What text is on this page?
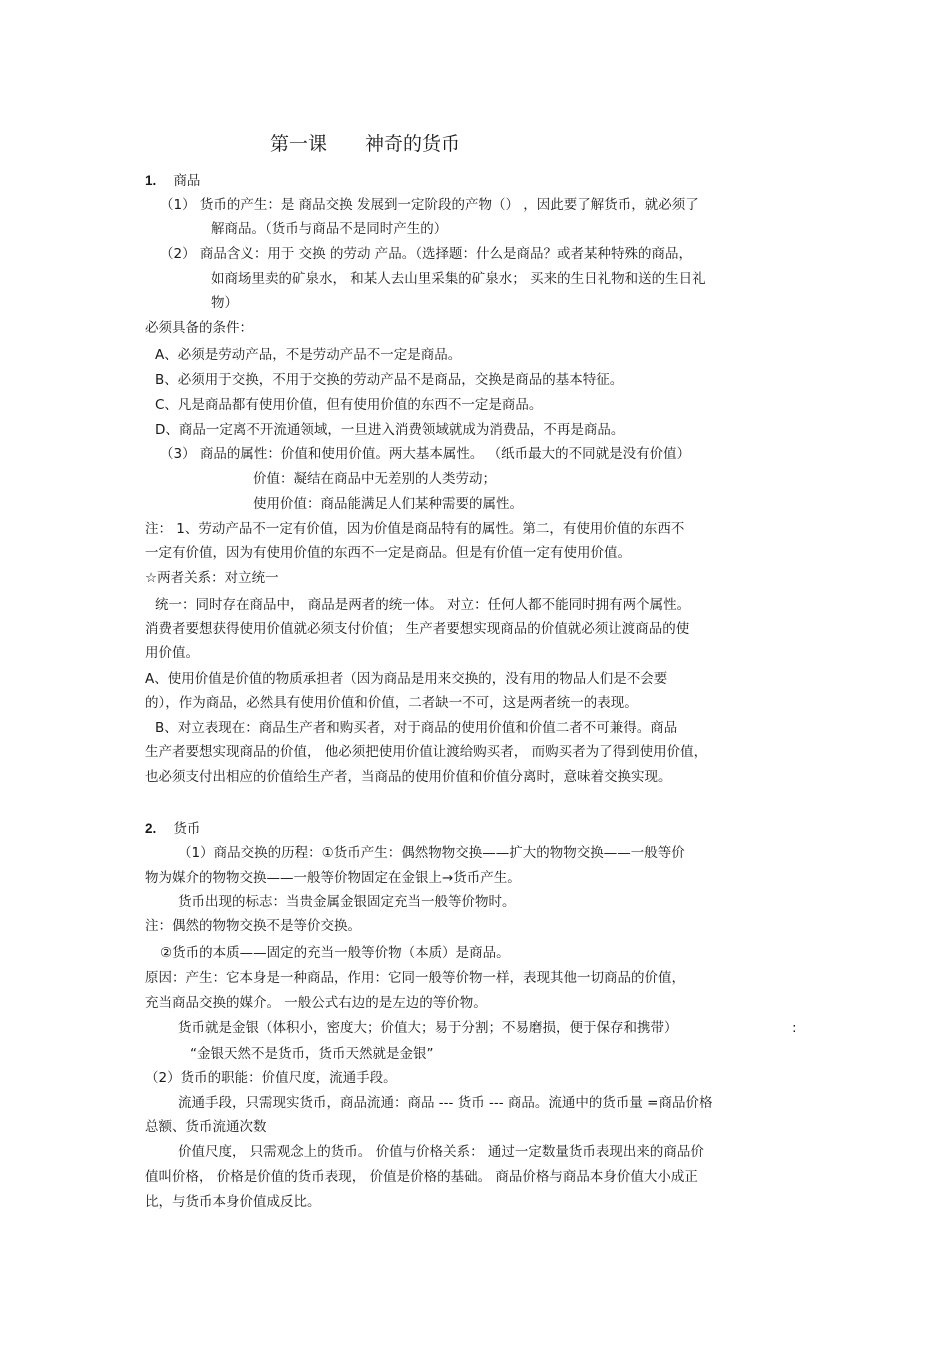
第一课 神奇的货币
1. 商品
（1） 货币的产生：是 商品交换 发展到一定阶段的产物（） ，因此要了解货币，就必须了
解商品。（货币与商品不是同时产生的）
（2） 商品含义：用于 交换 的劳动 产品。（选择题：什么是商品？或者某种特殊的商品，
如商场里卖的矿泉水， 和某人去山里采集的矿泉水； 买来的生日礼物和送的生日礼
物）
必须具备的条件：
A、必须是劳动产品，不是劳动产品不一定是商品。
B、必须用于交换，不用于交换的劳动产品不是商品，交换是商品的基本特征。
C、凡是商品都有使用价值，但有使用价值的东西不一定是商品。
D、商品一定离不开流通领域，一旦进入消费领域就成为消费品，不再是商品。
（3） 商品的属性：价值和使用价值。两大基本属性。 （纸币最大的不同就是没有价值）
价值：凝结在商品中无差别的人类劳动；
使用价值：商品能满足人们某种需要的属性。
注： 1、劳动产品不一定有价值，因为价值是商品特有的属性。第二，有使用价值的东西不
一定有价值，因为有使用价值的东西不一定是商品。但是有价值一定有使用价值。
☆两者关系：对立统一
统一：同时存在商品中， 商品是两者的统一体。 对立：任何人都不能同时拥有两个属性。
消费者要想获得使用价值就必须支付价值； 生产者要想实现商品的价值就必须让渡商品的使
用价值。
A、使用价值是价值的物质承担者（因为商品是用来交换的，没有用的物品人们是不会要
的），作为商品，必然具有使用价值和价值，二者缺一不可，这是两者统一的表现。
B、对立表现在：商品生产者和购买者，对于商品的使用价值和价值二者不可兼得。商品
生产者要想实现商品的价值， 他必须把使用价值让渡给购买者， 而购买者为了得到使用价值，
也必须支付出相应的价值给生产者，当商品的使用价值和价值分离时，意味着交换实现。
2. 货币
（1）商品交换的历程：①货币产生：偶然物物交换——扩大的物物交换——一般等价
物为媒介的物物交换——一般等价物固定在金银上→货币产生。
货币出现的标志：当贵金属金银固定充当一般等价物时。
注：偶然的物物交换不是等价交换。
②货币的本质——固定的充当一般等价物（本质）是商品。
原因：产生：它本身是一种商品，作用：它同一般等价物一样，表现其他一切商品的价值，
充当商品交换的媒介。 一般公式右边的是左边的等价物。
货币就是金银（体积小，密度大；价值大；易于分割；不易磨损，便于保存和携带）	:
“金银天然不是货币，货币天然就是金银”
（2）货币的职能：价值尺度，流通手段。
流通手段，只需现实货币，商品流通：商品 --- 货币 --- 商品。流通中的货币量 =商品价格
总额、货币流通次数
价值尺度， 只需观念上的货币。 价值与价格关系： 通过一定数量货币表现出来的商品价
值叫价格， 价格是价值的货币表现， 价值是价格的基础。 商品价格与商品本身价值大小成正
比，与货币本身价值成反比。
